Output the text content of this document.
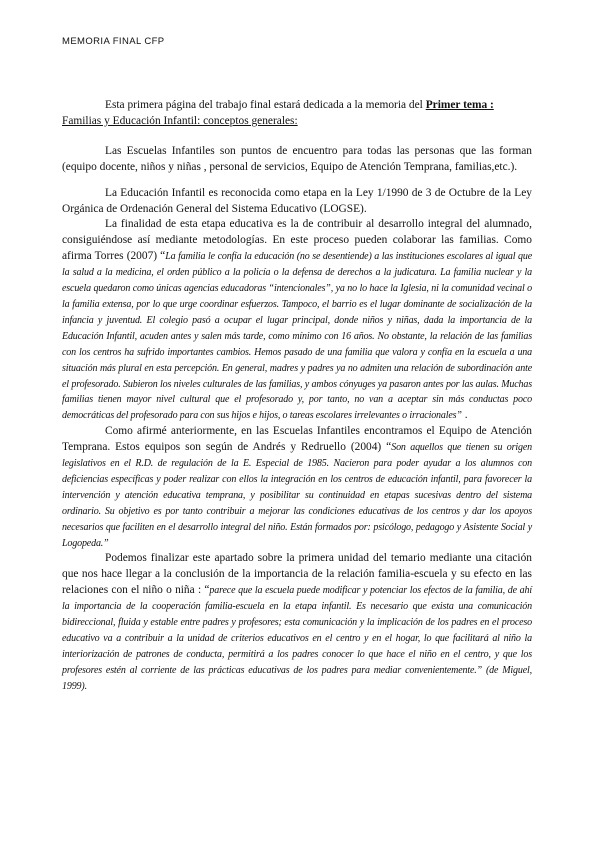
MEMORIA FINAL CFP

Esta primera página del trabajo final estará dedicada a la memoria del Primer tema :
Familias y Educación Infantil: conceptos generales:

Las Escuelas Infantiles son puntos de encuentro para todas las personas que las forman (equipo docente, niños y niñas , personal de servicios, Equipo de Atención Temprana, familias,etc.).

La Educación Infantil es reconocida como etapa en la Ley 1/1990 de 3 de Octubre de la Ley Orgánica de Ordenación General del Sistema Educativo (LOGSE).

La finalidad de esta etapa educativa es la de contribuir al desarrollo integral del alumnado, consiguiéndose así mediante metodologías. En este proceso pueden colaborar las familias. Como afirma Torres (2007) “La familia le confía la educación (no se desentiende) a las instituciones escolares al igual que la salud a la medicina, el orden público a la policía o la defensa de derechos a la judicatura. La familia nuclear y la escuela quedaron como únicas agencias educadoras “intencionales”, ya no lo hace la Iglesia, ni la comunidad vecinal o la familia extensa, por lo que urge coordinar esfuerzos. Tampoco, el barrio es el lugar dominante de socialización de la infancia y juventud. El colegio pasó a ocupar el lugar principal, donde niños y niñas, dada la importancia de la Educación Infantil, acuden antes y salen más tarde, como mínimo con 16 años. No obstante, la relación de las familias con los centros ha sufrido importantes cambios. Hemos pasado de una familia que valora y confía en la escuela a una situación más plural en esta percepción. En general, madres y padres ya no admiten una relación de subordinación ante el profesorado. Subieron los niveles culturales de las familias, y ambos cónyuges ya pasaron antes por las aulas. Muchas familias tienen mayor nivel cultural que el profesorado y, por tanto, no van a aceptar sin más conductas poco democráticas del profesorado para con sus hijos e hijos, o tareas escolares irrelevantes o irracionales” .

Como afirmé anteriormente, en las Escuelas Infantiles encontramos el Equipo de Atención Temprana. Estos equipos son según de Andrés y Redruello (2004) “Son aquellos que tienen su origen legislativos en el R.D. de regulación de la E. Especial de 1985. Nacieron para poder ayudar a los alumnos con deficiencias específicas y poder realizar con ellos la integración en los centros de educación infantil, para favorecer la intervención y atención educativa temprana, y posibilitar su continuidad en etapas sucesivas dentro del sistema ordinario. Su objetivo es por tanto contribuir a mejorar las condiciones educativas de los centros y dar los apoyos necesarios que faciliten en el desarrollo integral del niño. Están formados por: psicólogo, pedagogo y Asistente Social y Logopeda.”

Podemos finalizar este apartado sobre la primera unidad del temario mediante una citación que nos hace llegar a la conclusión de la importancia de la relación familia-escuela y su efecto en las relaciones con el niño o niña : “parece que la escuela puede modificar y potenciar los efectos de la familia, de ahí la importancia de la cooperación familia-escuela en la etapa infantil. Es necesario que exista una comunicación bidireccional, fluida y estable entre padres y profesores; esta comunicación y la implicación de los padres en el proceso educativo va a contribuir a la unidad de criterios educativos en el centro y en el hogar, lo que facilitará al niño la interiorización de patrones de conducta, permitirá a los padres conocer lo que hace el niño en el centro, y que los profesores estén al corriente de las prácticas educativas de los padres para mediar convenientemente.” (de Miguel, 1999).
